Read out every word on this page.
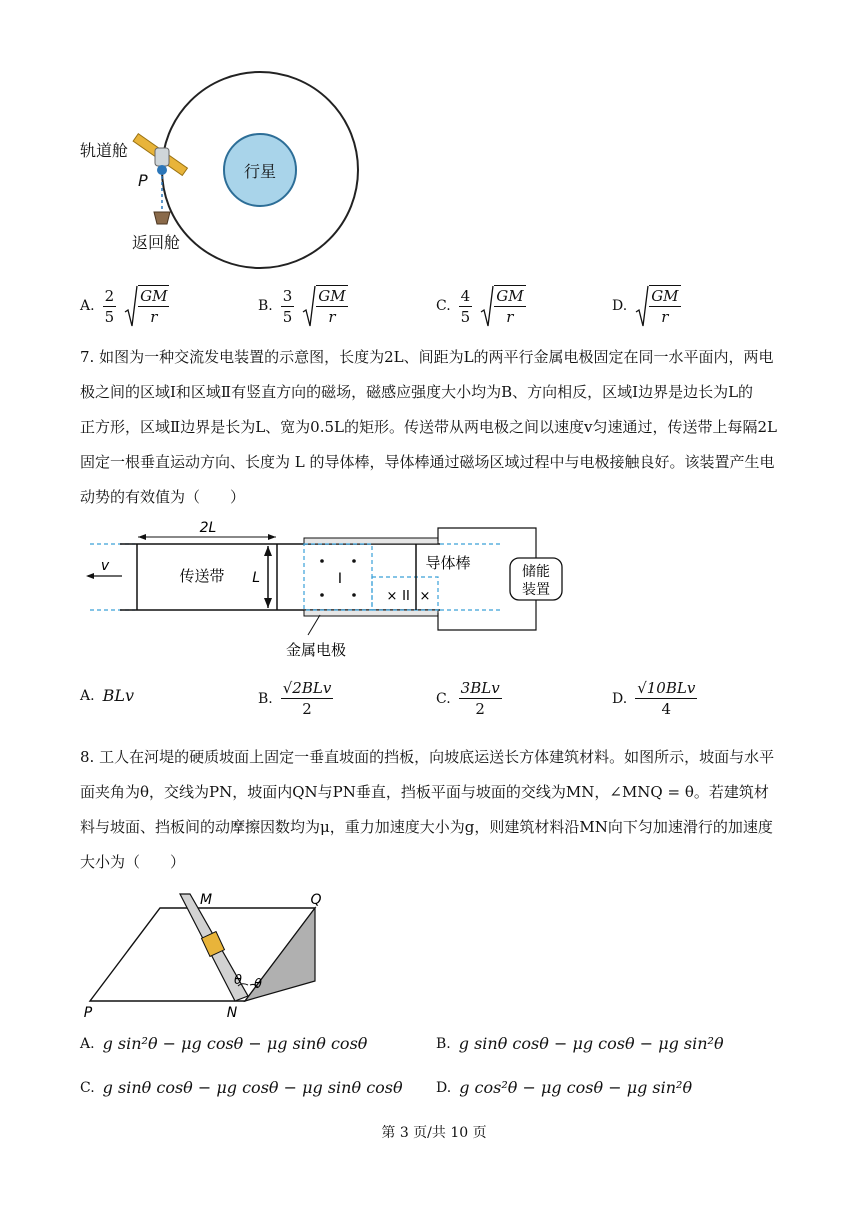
行星
轨道舱
P
返回舱
A. $\frac{2}{5} \frac{GM}{r}$	B. $\frac{3}{5} \frac{GM}{r}$	C. $\frac{4}{5} \frac{GM}{r}$	D. $\frac{GM}{r}$
7. 如图为一种交流发电装置的示意图，长度为2L、间距为L的两平行金属电极固定在同一水平面内，两电
极之间的区域Ⅰ和区域Ⅱ有竖直方向的磁场，磁感应强度大小均为B、方向相反，区域Ⅰ边界是边长为L的
正方形，区域Ⅱ边界是长为L、宽为0.5L的矩形。传送带从两电极之间以速度v匀速通过，传送带上每隔2L
固定一根垂直运动方向、长度为 L 的导体棒，导体棒通过磁场区域过程中与电极接触良好。该装置产生电
动势的有效值为（　　）
2L
L
v
传送带	I
II
× ×
导体棒	储能
装置
金属电极
A. BLv	B. $\frac{\text{√2BLv}}{2}$	C. $\frac{\text{3BLv}}{2}$	D. $\frac{\text{√10BLv}}{4}$
8. 工人在河堤的硬质坡面上固定一垂直坡面的挡板，向坡底运送长方体建筑材料。如图所示，坡面与水平
面夹角为θ，交线为PN，坡面内QN与PN垂直，挡板平面与坡面的交线为MN，∠MNQ = θ。若建筑材
料与坡面、挡板间的动摩擦因数均为μ，重力加速度大小为g，则建筑材料沿MN向下匀加速滑行的加速度
大小为（　　）
θ θ
M	Q
P	N
A. g sin²θ − μg cosθ − μg sinθ cosθ	B. g sinθ cosθ − μg cosθ − μg sin²θ
C. g sinθ cosθ − μg cosθ − μg sinθ cosθ D. g cos²θ − μg cosθ − μg sin²θ
第 3 页/共 10 页
